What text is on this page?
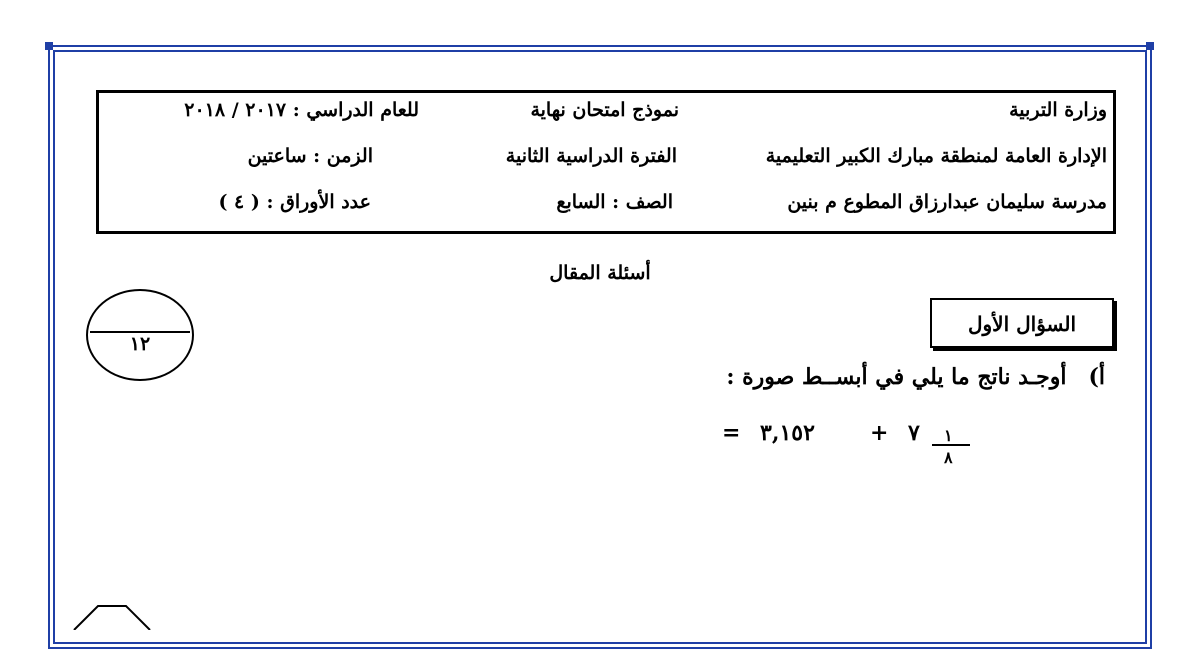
وزارة التربية
الإدارة العامة لمنطقة مبارك الكبير التعليمية
مدرسة سليمان عبدارزاق المطوع م بنين
نموذج امتحان نهاية
الفترة الدراسية الثانية
الصف : السابع
للعام الدراسي : ٢٠١٧ / ٢٠١٨
الزمن : ساعتين
عدد الأوراق : ( ٤ )
أسئلة المقال
١٢
السؤال الأول
أ)أوجـد ناتج ما يلي في أبســط صورة :
= ٣,١٥٢	+ ٧ ١
٨
